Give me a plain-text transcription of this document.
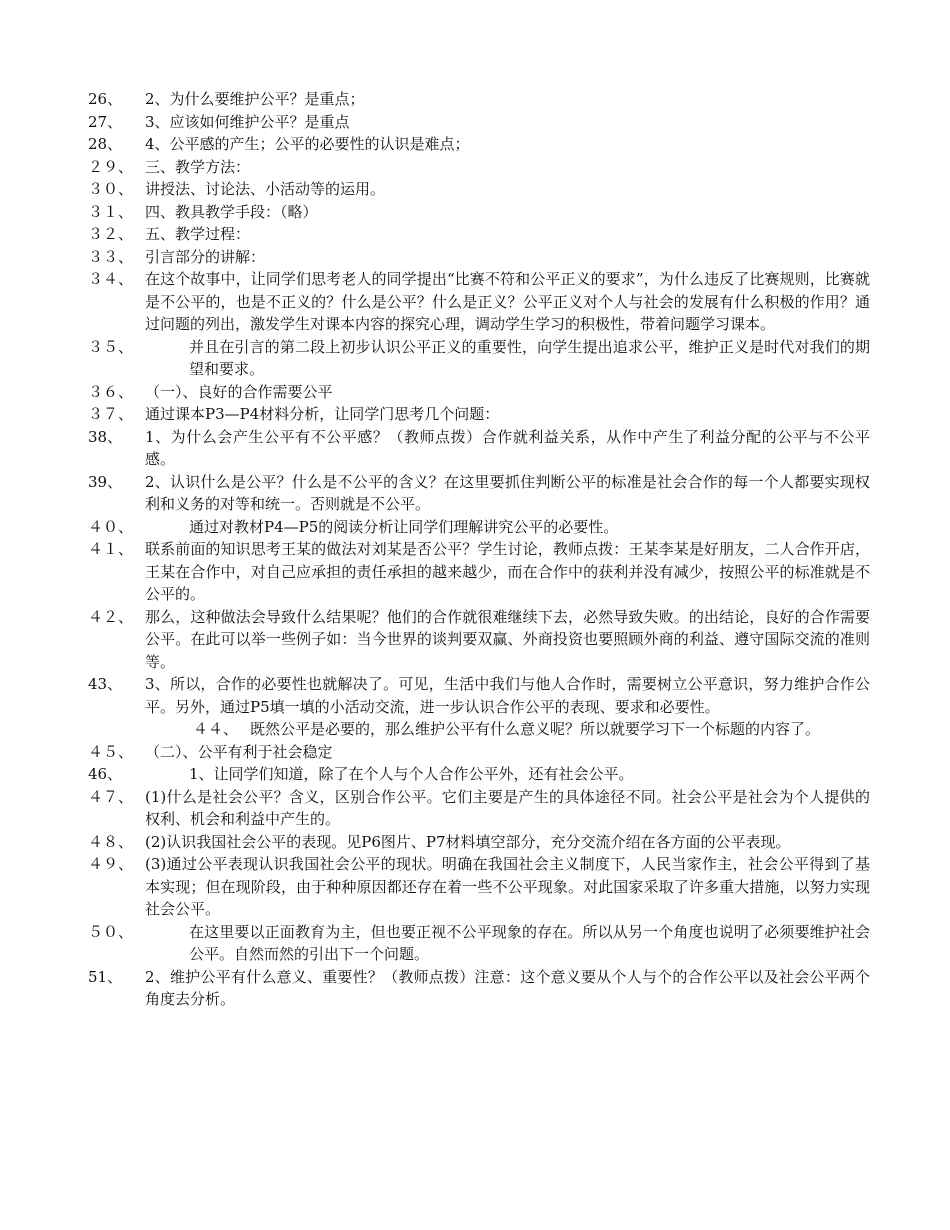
26、	2、为什么要维护公平？是重点；
27、	3、应该如何维护公平？是重点
28、	4、公平感的产生；公平的必要性的认识是难点；
２９、 三、教学方法：
３０、 讲授法、讨论法、小活动等的运用。
３１、 四、教具教学手段：（略）
３２、 五、教学过程：
３３、 引言部分的讲解：
３４、 在这个故事中，让同学们思考老人的同学提出“比赛不符和公平正义的要求”，为什么违反了比赛规则，比赛就是不公平的，也是不正义的？什么是公平？什么是正义？公平正义对个人与社会的发展有什么积极的作用？通过问题的列出，激发学生对课本内容的探究心理，调动学生学习的积极性，带着问题学习课本。
３５、	并且在引言的第二段上初步认识公平正义的重要性，向学生提出追求公平，维护正义是时代对我们的期望和要求。
３６、 （一）、良好的合作需要公平
３７、 通过课本P3—P4材料分析，让同学门思考几个问题：
38、	1、为什么会产生公平有不公平感？（教师点拨）合作就利益关系，从作中产生了利益分配的公平与不公平感。
39、	2、认识什么是公平？什么是不公平的含义？在这里要抓住判断公平的标准是社会合作的每一个人都要实现权利和义务的对等和统一。否则就是不公平。
４０、	通过对教材P4—P5的阅读分析让同学们理解讲究公平的必要性。
４１、 联系前面的知识思考王某的做法对刘某是否公平？学生讨论，教师点拨：王某李某是好朋友，二人合作开店，王某在合作中，对自己应承担的责任承担的越来越少，而在合作中的获利并没有减少，按照公平的标准就是不公平的。
４２、 那么，这种做法会导致什么结果呢？他们的合作就很难继续下去，必然导致失败。的出结论，良好的合作需要公平。在此可以举一些例子如：当今世界的谈判要双赢、外商投资也要照顾外商的利益、遵守国际交流的准则等。
43、	3、所以，合作的必要性也就解决了。可见，生活中我们与他人合作时，需要树立公平意识，努力维护合作公平。另外，通过P5填一填的小活动交流，进一步认识合作公平的表现、要求和必要性。
４４、 既然公平是必要的，那么维护公平有什么意义呢？所以就要学习下一个标题的内容了。
４５、 （二）、公平有利于社会稳定
46、	1、让同学们知道，除了在个人与个人合作公平外，还有社会公平。
４７、 (1)什么是社会公平？含义，区别合作公平。它们主要是产生的具体途径不同。社会公平是社会为个人提供的权利、机会和利益中产生的。
４８、 (2)认识我国社会公平的表现。见P6图片、P7材料填空部分，充分交流介绍在各方面的公平表现。
４９、 (3)通过公平表现认识我国社会公平的现状。明确在我国社会主义制度下，人民当家作主，社会公平得到了基本实现；但在现阶段，由于种种原因都还存在着一些不公平现象。对此国家采取了许多重大措施，以努力实现社会公平。
５０、	在这里要以正面教育为主，但也要正视不公平现象的存在。所以从另一个角度也说明了必须要维护社会公平。自然而然的引出下一个问题。
51、	2、维护公平有什么意义、重要性？（教师点拨）注意：这个意义要从个人与个的合作公平以及社会公平两个角度去分析。
